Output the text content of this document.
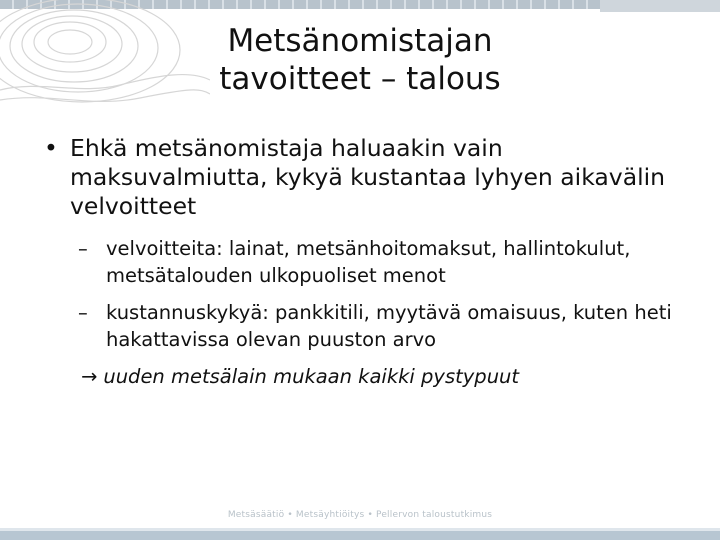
Metsänomistajan
tavoitteet – talous
• Ehkä metsänomistaja haluaakin vain maksuvalmiutta, kykyä kustantaa lyhyen aikavälin velvoitteet
– velvoitteita: lainat, metsänhoitomaksut, hallintokulut, metsätalouden ulkopuoliset menot
– kustannuskykyä: pankkitili, myytävä omaisuus, kuten heti hakattavissa olevan puuston arvo
→ uuden metsälain mukaan kaikki pystypuut
Metsäsäätiö • Metsäyhtiöitys • Pellervon taloustutkimus
